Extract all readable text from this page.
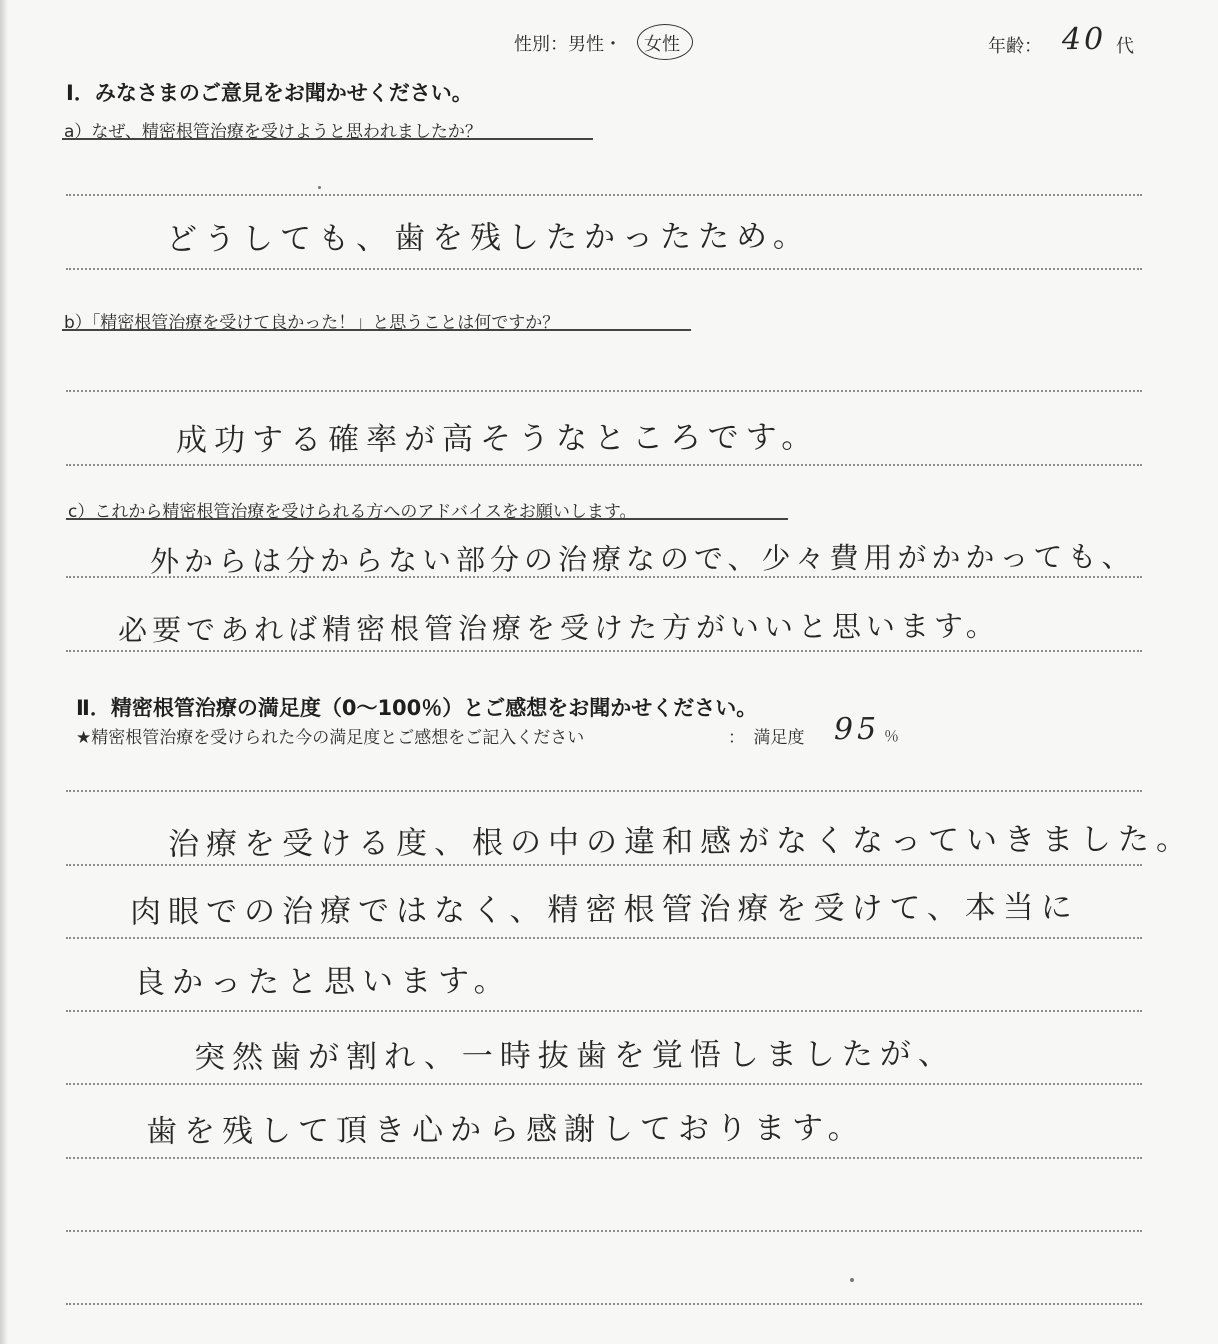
性別：男性・ 女性	年齢： 40 代
Ⅰ．みなさまのご意見をお聞かせください。
a）なぜ、精密根管治療を受けようと思われましたか？
どうしても、歯を残したかったため。
b）「精密根管治療を受けて良かった！」と思うことは何ですか？
成功する確率が高そうなところです。
c）これから精密根管治療を受けられる方へのアドバイスをお願いします。
外からは分からない部分の治療なので、少々費用がかかっても、
必要であれば精密根管治療を受けた方がいいと思います。
Ⅱ．精密根管治療の満足度（0～100％）とご感想をお聞かせください。
★精密根管治療を受けられた今の満足度とご感想をご記入ください	：　満足度 95 ％
治療を受ける度、根の中の違和感がなくなっていきました。
肉眼での治療ではなく、精密根管治療を受けて、本当に
良かったと思います。
突然歯が割れ、一時抜歯を覚悟しましたが、
歯を残して頂き心から感謝しております。
